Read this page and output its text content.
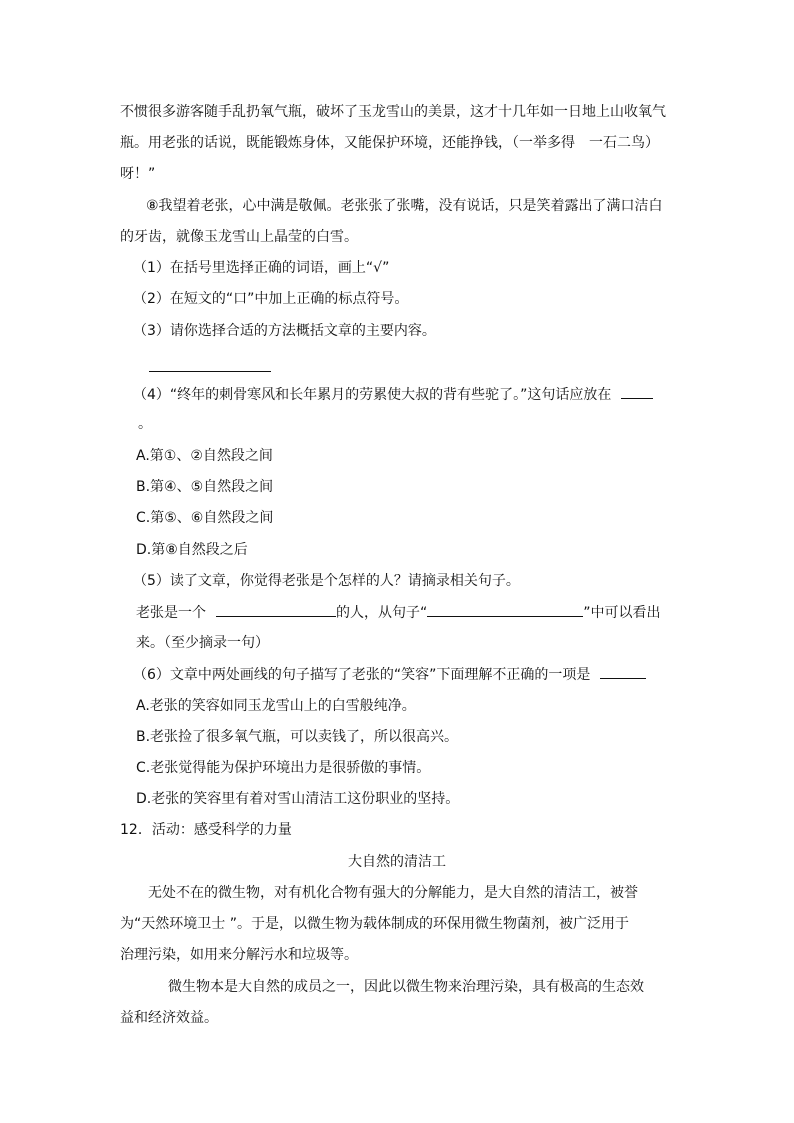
不惯很多游客随手乱扔氧气瓶，破坏了玉龙雪山的美景，这才十几年如一日地上山收氧气
瓶。用老张的话说，既能锻炼身体，又能保护环境，还能挣钱，（一举多得　一石二鸟）
呀！”
⑧我望着老张，心中满是敬佩。老张张了张嘴，没有说话，只是笑着露出了满口洁白
的牙齿，就像玉龙雪山上晶莹的白雪。
（1）在括号里选择正确的词语，画上“√”
（2）在短文的“口”中加上正确的标点符号。
（3）请你选择合适的方法概括文章的主要内容。
（4）“终年的刺骨寒风和长年累月的劳累使大叔的背有些驼了。”这句话应放在
。
A.第①、②自然段之间
B.第④、⑤自然段之间
C.第⑤、⑥自然段之间
D.第⑧自然段之后
（5）读了文章，你觉得老张是个怎样的人？请摘录相关句子。
老张是一个	的人，从句子“	”中可以看出
来。（至少摘录一句）
（6）文章中两处画线的句子描写了老张的“笑容”下面理解不正确的一项是
A.老张的笑容如同玉龙雪山上的白雪般纯净。
B.老张捡了很多氧气瓶，可以卖钱了，所以很高兴。
C.老张觉得能为保护环境出力是很骄傲的事情。
D.老张的笑容里有着对雪山清洁工这份职业的坚持。
12．活动：感受科学的力量
大自然的清洁工
无处不在的微生物，对有机化合物有强大的分解能力，是大自然的清洁工，被誉
为“天然环境卫士 ”。于是，以微生物为载体制成的环保用微生物菌剂，被广泛用于
治理污染，如用来分解污水和垃圾等。
微生物本是大自然的成员之一，因此以微生物来治理污染，具有极高的生态效
益和经济效益。
